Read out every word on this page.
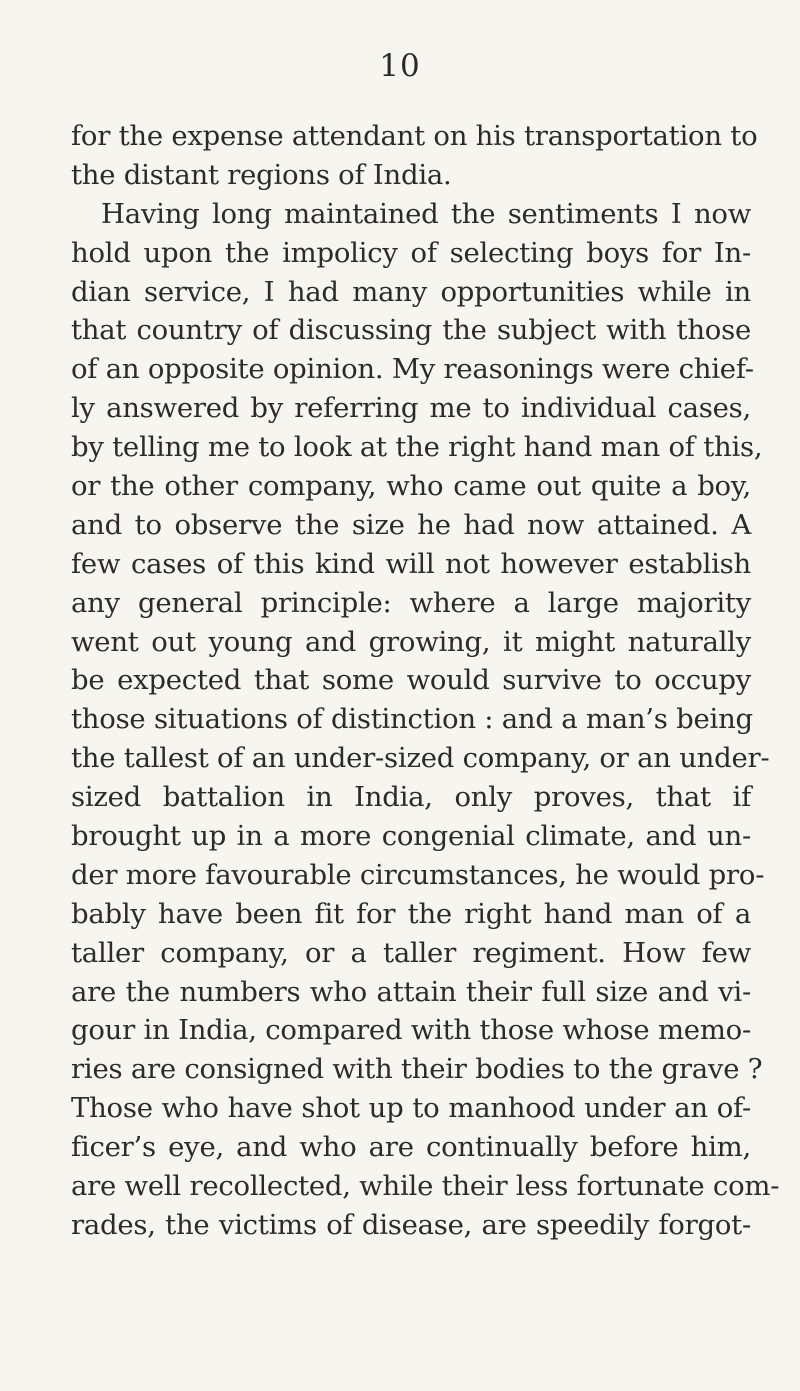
10
for the expense attendant on his transportation to
the distant regions of India.
Having long maintained the sentiments I now
hold upon the impolicy of selecting boys for In-
dian service, I had many opportunities while in
that country of discussing the subject with those
of an opposite opinion. My reasonings were chief-
ly answered by referring me to individual cases,
by telling me to look at the right hand man of this,
or the other company, who came out quite a boy,
and to observe the size he had now attained. A
few cases of this kind will not however establish
any general principle: where a large majority
went out young and growing, it might naturally
be expected that some would survive to occupy
those situations of distinction : and a man’s being
the tallest of an under-sized company, or an under-
sized battalion in India, only proves, that if
brought up in a more congenial climate, and un-
der more favourable circumstances, he would pro-
bably have been fit for the right hand man of a
taller company, or a taller regiment. How few
are the numbers who attain their full size and vi-
gour in India, compared with those whose memo-
ries are consigned with their bodies to the grave ?
Those who have shot up to manhood under an of-
ficer’s eye, and who are continually before him,
are well recollected, while their less fortunate com-
rades, the victims of disease, are speedily forgot-
